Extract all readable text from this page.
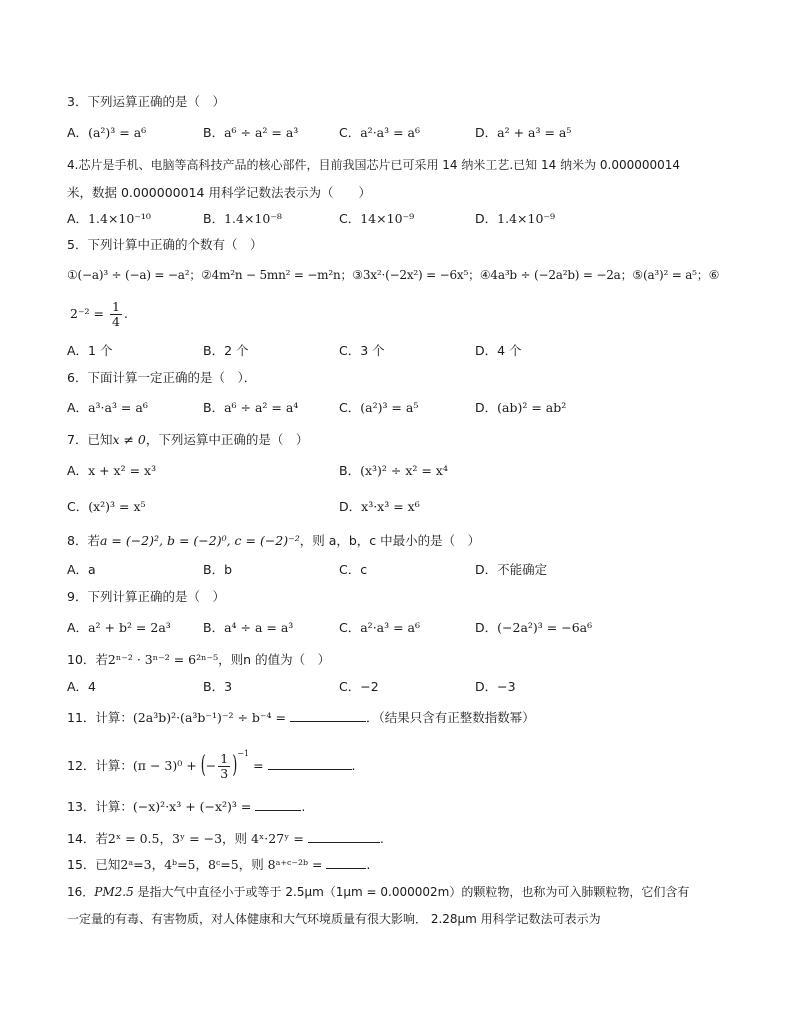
3．下列运算正确的是（　）
A．(a²)³ = a⁶	B．a⁶ ÷ a² = a³	C．a²·a³ = a⁶	D．a² + a³ = a⁵
4.芯片是手机、电脑等高科技产品的核心部件，目前我国芯片已可采用 14 纳米工艺.已知 14 纳米为 0.000000014
米，数据 0.000000014 用科学记数法表示为（　　）
A．1.4×10⁻¹⁰	B．1.4×10⁻⁸	C．14×10⁻⁹	D．1.4×10⁻⁹
5．下列计算中正确的个数有（　）
①(−a)³ ÷ (−a) = −a²；②4m²n − 5mn² = −m²n；③3x²·(−2x²) = −6x⁵；④4a³b ÷ (−2a²b) = −2a；⑤(a³)² = a⁵；⑥
$2^{-2} = \frac{1}{4}$ .
A．1 个	B．2 个	C．3 个	D．4 个
6．下面计算一定正确的是（　）．
A．a³·a³ = a⁶	B．a⁶ ÷ a² = a⁴	C．(a²)³ = a⁵	D．(ab)² = ab²
7．已知x ≠ 0，下列运算中正确的是（　）
A．x + x² = x³	B．(x³)² ÷ x² = x⁴
C．(x²)³ = x⁵	D．x³·x³ = x⁶
8．若a = (−2)², b = (−2)⁰, c = (−2)⁻²，则 a，b，c 中最小的是（　）
A．a	B．b	C．c	D．不能确定
9．下列计算正确的是（　）
A．a² + b² = 2a³	B．a⁴ ÷ a = a³	C．a²·a³ = a⁶	D．(−2a²)³ = −6a⁶
10．若2ⁿ⁻² · 3ⁿ⁻² = 6²ⁿ⁻⁵，则n 的值为（　）
A．4	B．3	C．−2	D．−3
11．计算：(2a³b)²·(a³b⁻¹)⁻² ÷ b⁻⁴ =	．（结果只含有正整数指数幂）
12．计算：(π − 3)⁰ + (− $\frac{1}{3} )^{-1}$ =	.
13．计算：(−x)²·x³ + (−x²)³ =	.
14．若2ˣ = 0.5，3ʸ = −3，则 4ˣ·27ʸ =	.
15．已知2ᵃ=3，4ᵇ=5，8ᶜ=5，则 8ᵃ⁺ᶜ⁻²ᵇ =	.
16．PM2.5 是指大气中直径小于或等于 2.5μm（1μm = 0.000002m）的颗粒物，也称为可入肺颗粒物，它们含有
一定量的有毒、有害物质，对人体健康和大气环境质量有很大影响． 2.28μm 用科学记数法可表示为
